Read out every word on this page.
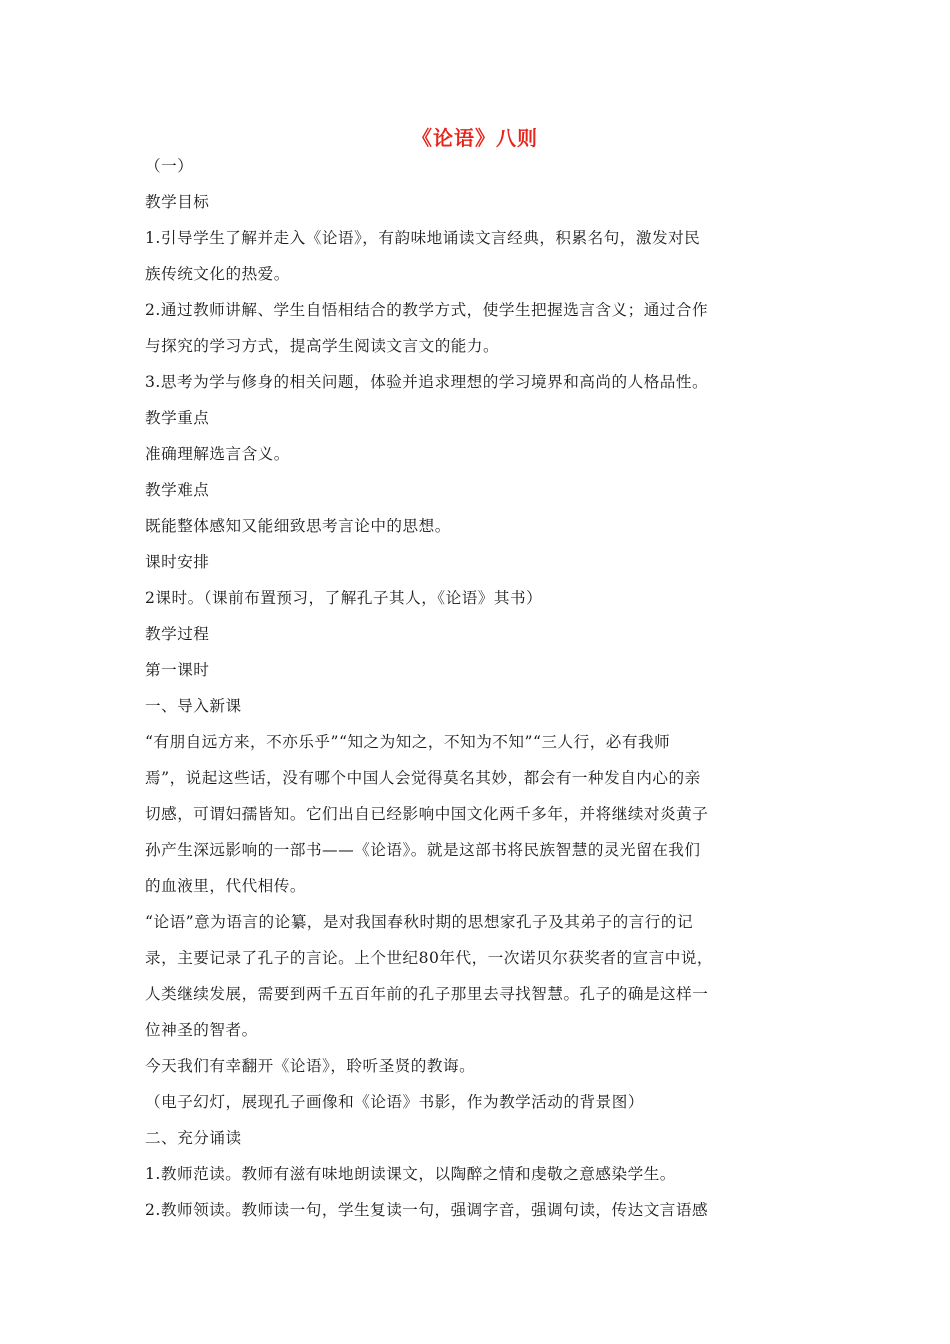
《论语》八则
（一）
教学目标
1.引导学生了解并走入《论语》，有韵味地诵读文言经典，积累名句，激发对民
族传统文化的热爱。
2.通过教师讲解、学生自悟相结合的教学方式，使学生把握选言含义；通过合作
与探究的学习方式，提高学生阅读文言文的能力。
3.思考为学与修身的相关问题，体验并追求理想的学习境界和高尚的人格品性。
教学重点
准确理解选言含义。
教学难点
既能整体感知又能细致思考言论中的思想。
课时安排
2课时。（课前布置预习，了解孔子其人，《论语》其书）
教学过程
第一课时
一、导入新课
“有朋自远方来，不亦乐乎”“知之为知之，不知为不知”“三人行，必有我师
焉”，说起这些话，没有哪个中国人会觉得莫名其妙，都会有一种发自内心的亲
切感，可谓妇孺皆知。它们出自已经影响中国文化两千多年，并将继续对炎黄子
孙产生深远影响的一部书——《论语》。就是这部书将民族智慧的灵光留在我们
的血液里，代代相传。
“论语”意为语言的论纂，是对我国春秋时期的思想家孔子及其弟子的言行的记
录，主要记录了孔子的言论。上个世纪80年代，一次诺贝尔获奖者的宣言中说，
人类继续发展，需要到两千五百年前的孔子那里去寻找智慧。孔子的确是这样一
位神圣的智者。
今天我们有幸翻开《论语》，聆听圣贤的教诲。
（电子幻灯，展现孔子画像和《论语》书影，作为教学活动的背景图）
二、充分诵读
1.教师范读。教师有滋有味地朗读课文，以陶醉之情和虔敬之意感染学生。
2.教师领读。教师读一句，学生复读一句，强调字音，强调句读，传达文言语感
